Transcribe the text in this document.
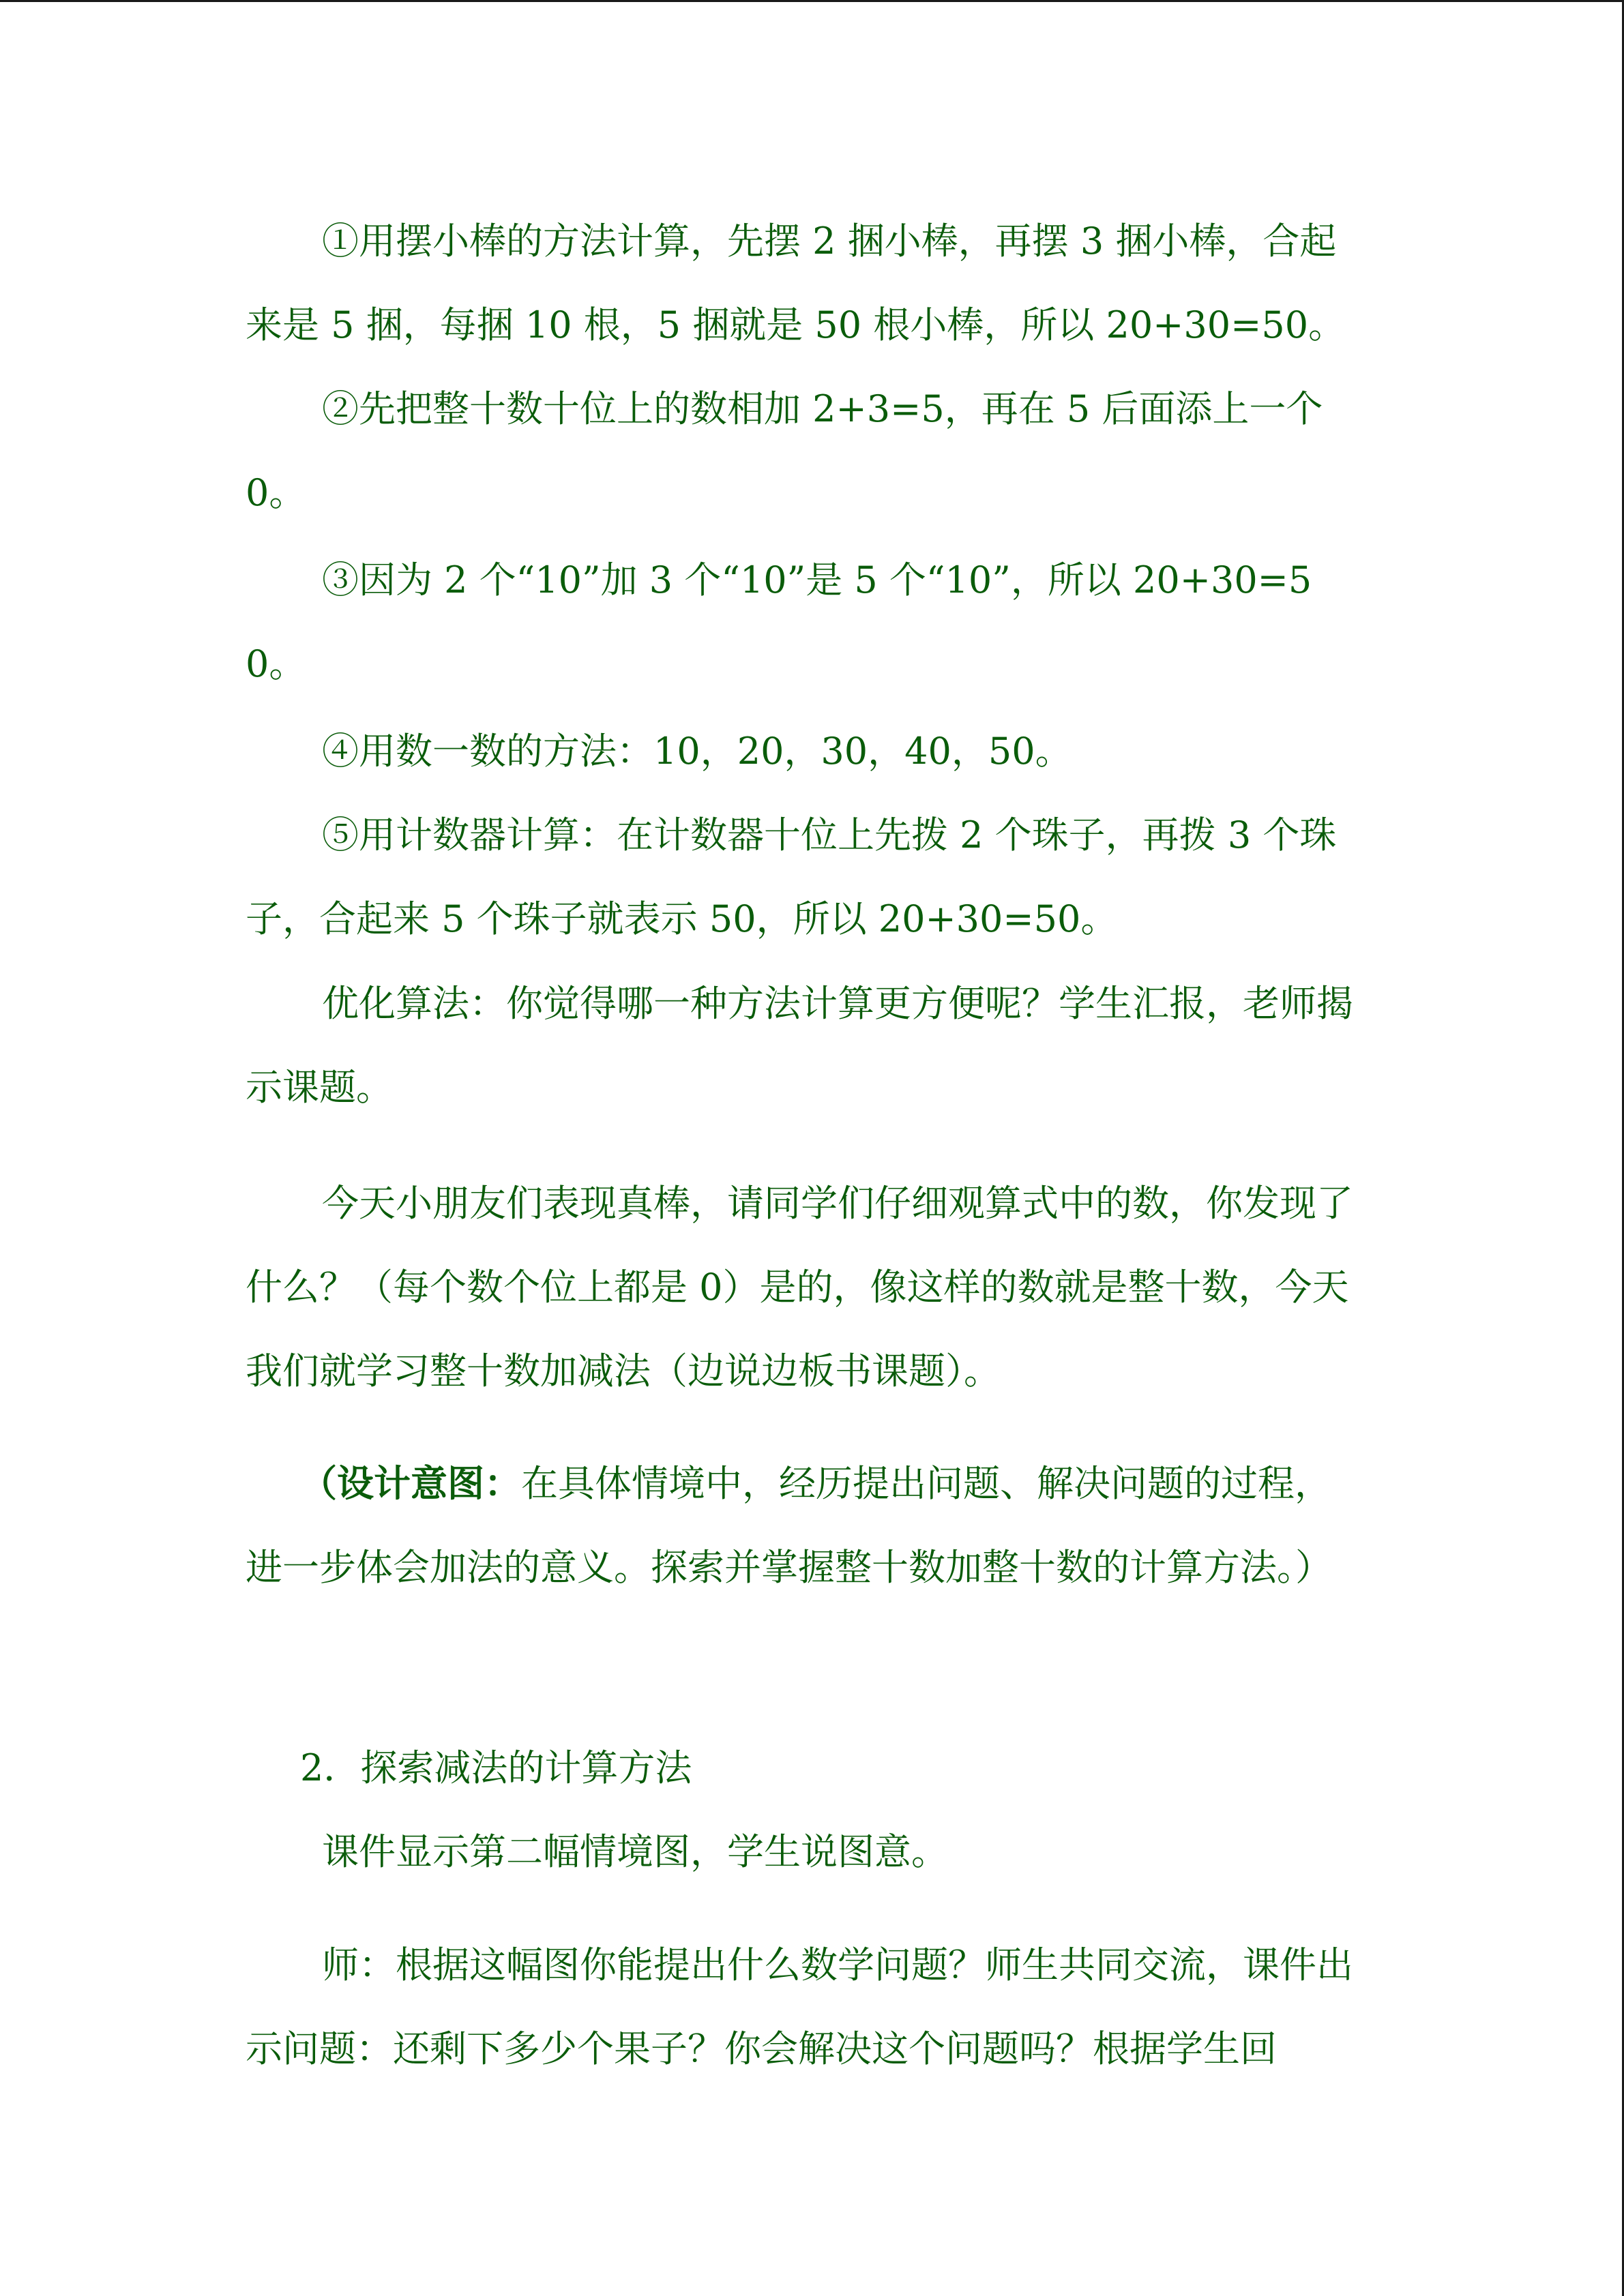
①用摆小棒的方法计算，先摆 2 捆小棒，再摆 3 捆小棒，合起来是 5 捆，每捆 10 根，5 捆就是 50 根小棒，所以 20+30=50。

②先把整十数十位上的数相加 2+3=5，再在 5 后面添上一个 0。

③因为 2 个“10”加 3 个“10”是 5 个“10”，所以 20+30=50。

④用数一数的方法：10，20，30，40，50。

⑤用计数器计算：在计数器十位上先拨 2 个珠子，再拨 3 个珠子，合起来 5 个珠子就表示 50，所以 20+30=50。

优化算法：你觉得哪一种方法计算更方便呢？学生汇报，老师揭示课题。

今天小朋友们表现真棒，请同学们仔细观算式中的数，你发现了什么？（每个数个位上都是 0）是的，像这样的数就是整十数，今天我们就学习整十数加减法（边说边板书课题）。

（设计意图：在具体情境中，经历提出问题、解决问题的过程，进一步体会加法的意义。探索并掌握整十数加整十数的计算方法。）

2．探索减法的计算方法

课件显示第二幅情境图，学生说图意。

师：根据这幅图你能提出什么数学问题？师生共同交流，课件出示问题：还剩下多少个果子？你会解决这个问题吗？根据学生回
